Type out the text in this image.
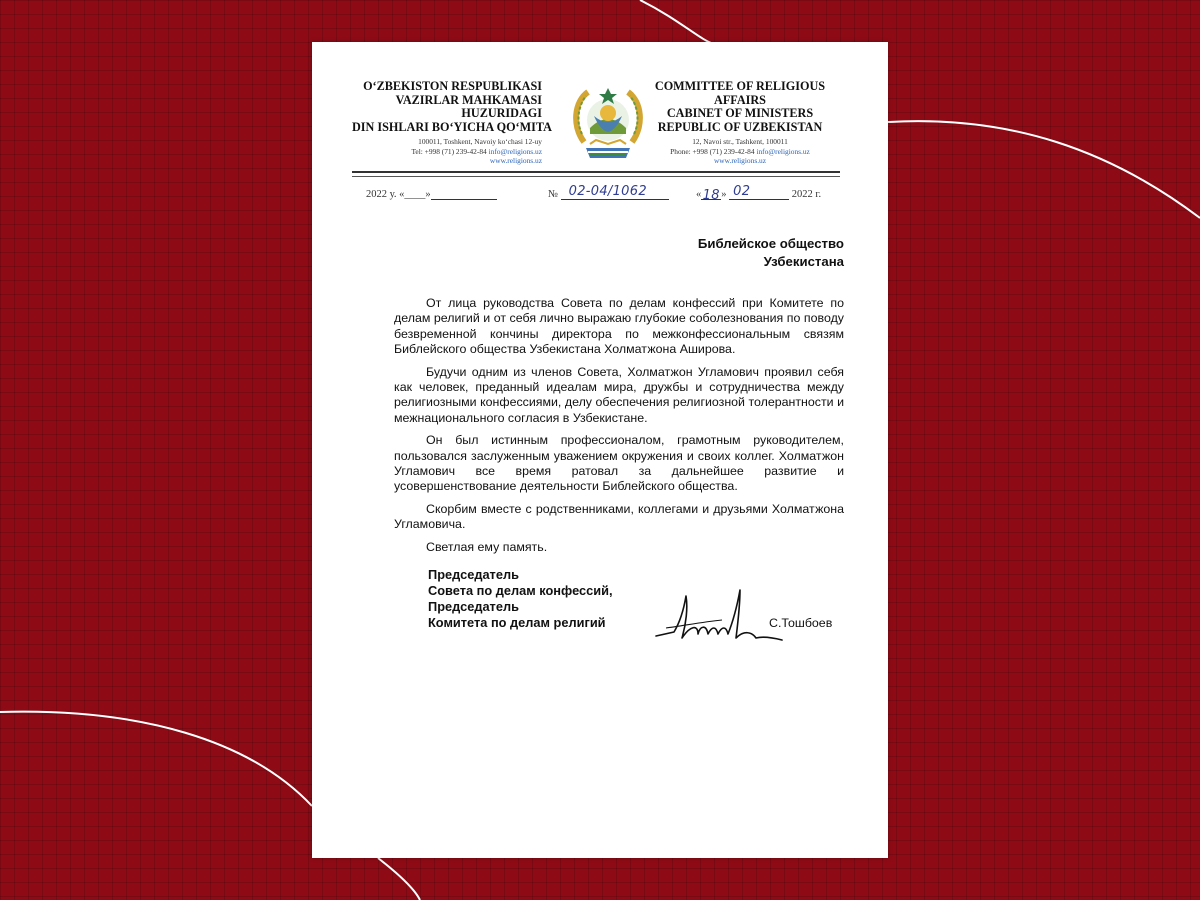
O‘ZBEKISTON RESPUBLIKASI
VAZIRLAR MAHKAMASI
HUZURIDAGI
DIN ISHLARI BO‘YICHA QO‘MITA
100011, Toshkent, Navoiy ko‘chasi 12-uy
Tel: +998 (71) 239-42-84 info@religions.uz
www.religions.uz
COMMITTEE OF RELIGIOUS
AFFAIRS
CABINET OF MINISTERS
REPUBLIC OF UZBEKISTAN
12, Navoi str., Tashkent, 100011
Phone: +998 (71) 239-42-84 info@religions.uz
www.religions.uz
2022 у. «____»	№ 02-04/1062	«18» 02	2022 г.
Библейское общество
Узбекистана

От лица руководства Совета по делам конфессий при Комитете по делам религий и от себя лично выражаю глубокие соболезнования по поводу безвременной кончины директора по межконфессиональным связям Библейского общества Узбекистана Холматжона Аширова.

Будучи одним из членов Совета, Холматжон Угламович проявил себя как человек, преданный идеалам мира, дружбы и сотрудничества между религиозными конфессиями, делу обеспечения религиозной толерантности и межнационального согласия в Узбекистане.

Он был истинным профессионалом, грамотным руководителем, пользовался заслуженным уважением окружения и своих коллег. Холматжон Угламович все время ратовал за дальнейшее развитие и усовершенствование деятельности Библейского общества.

Скорбим вместе с родственниками, коллегами и друзьями Холматжона Угламовича.

Светлая ему память.

Председатель
Совета по делам конфессий,
Председатель
Комитета по делам религий	С.Тошбоев
